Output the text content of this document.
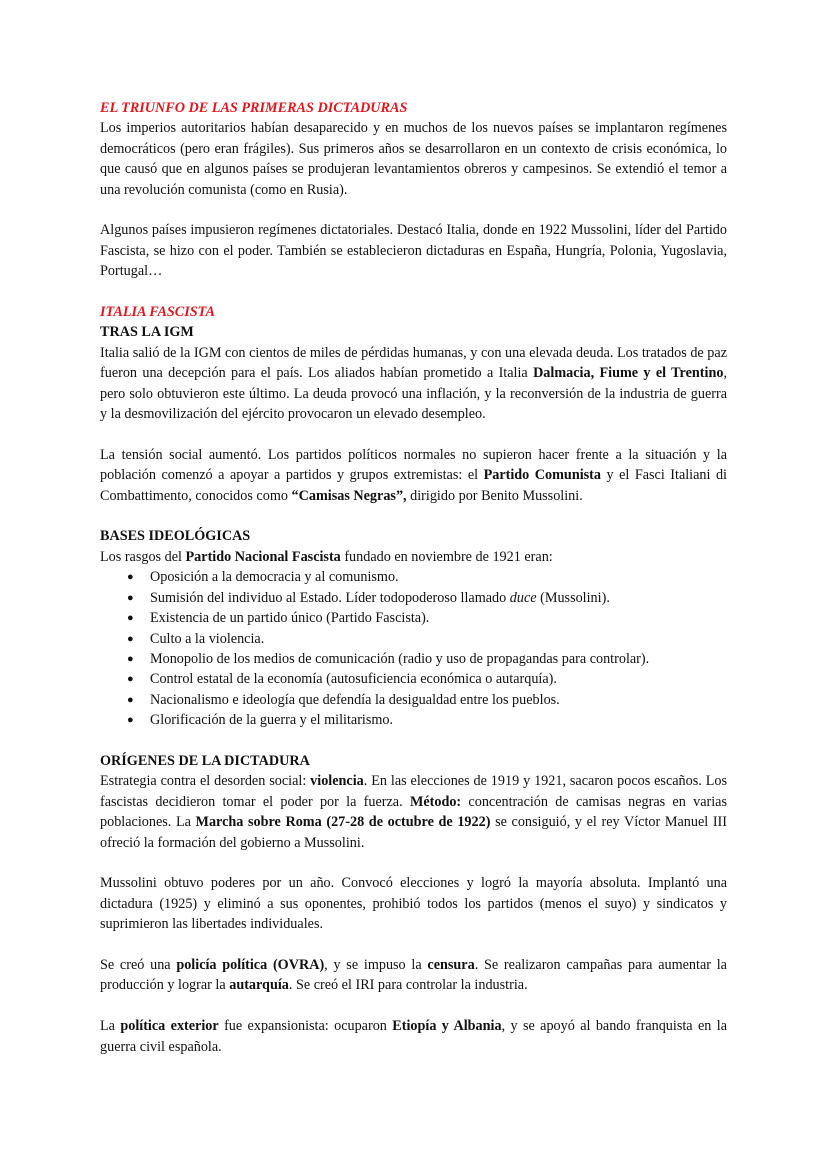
EL TRIUNFO DE LAS PRIMERAS DICTADURAS

Los imperios autoritarios habían desaparecido y en muchos de los nuevos países se implantaron regímenes democráticos (pero eran frágiles). Sus primeros años se desarrollaron en un contexto de crisis económica, lo que causó que en algunos países se produjeran levantamientos obreros y campesinos. Se extendió el temor a una revolución comunista (como en Rusia).

Algunos países impusieron regímenes dictatoriales. Destacó Italia, donde en 1922 Mussolini, líder del Partido Fascista, se hizo con el poder. También se establecieron dictaduras en España, Hungría, Polonia, Yugoslavia, Portugal…

ITALIA FASCISTA
TRAS LA IGM

Italia salió de la IGM con cientos de miles de pérdidas humanas, y con una elevada deuda. Los tratados de paz fueron una decepción para el país. Los aliados habían prometido a Italia Dalmacia, Fiume y el Trentino, pero solo obtuvieron este último. La deuda provocó una inflación, y la reconversión de la industria de guerra y la desmovilización del ejército provocaron un elevado desempleo.

La tensión social aumentó. Los partidos políticos normales no supieron hacer frente a la situación y la población comenzó a apoyar a partidos y grupos extremistas: el Partido Comunista y el Fasci Italiani di Combattimento, conocidos como “Camisas Negras”, dirigido por Benito Mussolini.

BASES IDEOLÓGICAS

Los rasgos del Partido Nacional Fascista fundado en noviembre de 1921 eran:

● Oposición a la democracia y al comunismo.
● Sumisión del individuo al Estado. Líder todopoderoso llamado duce (Mussolini).
● Existencia de un partido único (Partido Fascista).
● Culto a la violencia.
● Monopolio de los medios de comunicación (radio y uso de propagandas para controlar).
● Control estatal de la economía (autosuficiencia económica o autarquía).
● Nacionalismo e ideología que defendía la desigualdad entre los pueblos.
● Glorificación de la guerra y el militarismo.
ORÍGENES DE LA DICTADURA

Estrategia contra el desorden social: violencia. En las elecciones de 1919 y 1921, sacaron pocos escaños. Los fascistas decidieron tomar el poder por la fuerza. Método: concentración de camisas negras en varias poblaciones. La Marcha sobre Roma (27-28 de octubre de 1922) se consiguió, y el rey Víctor Manuel III ofreció la formación del gobierno a Mussolini.

Mussolini obtuvo poderes por un año. Convocó elecciones y logró la mayoría absoluta. Implantó una dictadura (1925) y eliminó a sus oponentes, prohibió todos los partidos (menos el suyo) y sindicatos y suprimieron las libertades individuales.

Se creó una policía política (OVRA), y se impuso la censura. Se realizaron campañas para aumentar la producción y lograr la autarquía. Se creó el IRI para controlar la industria.

La política exterior fue expansionista: ocuparon Etiopía y Albania, y se apoyó al bando franquista en la guerra civil española.
